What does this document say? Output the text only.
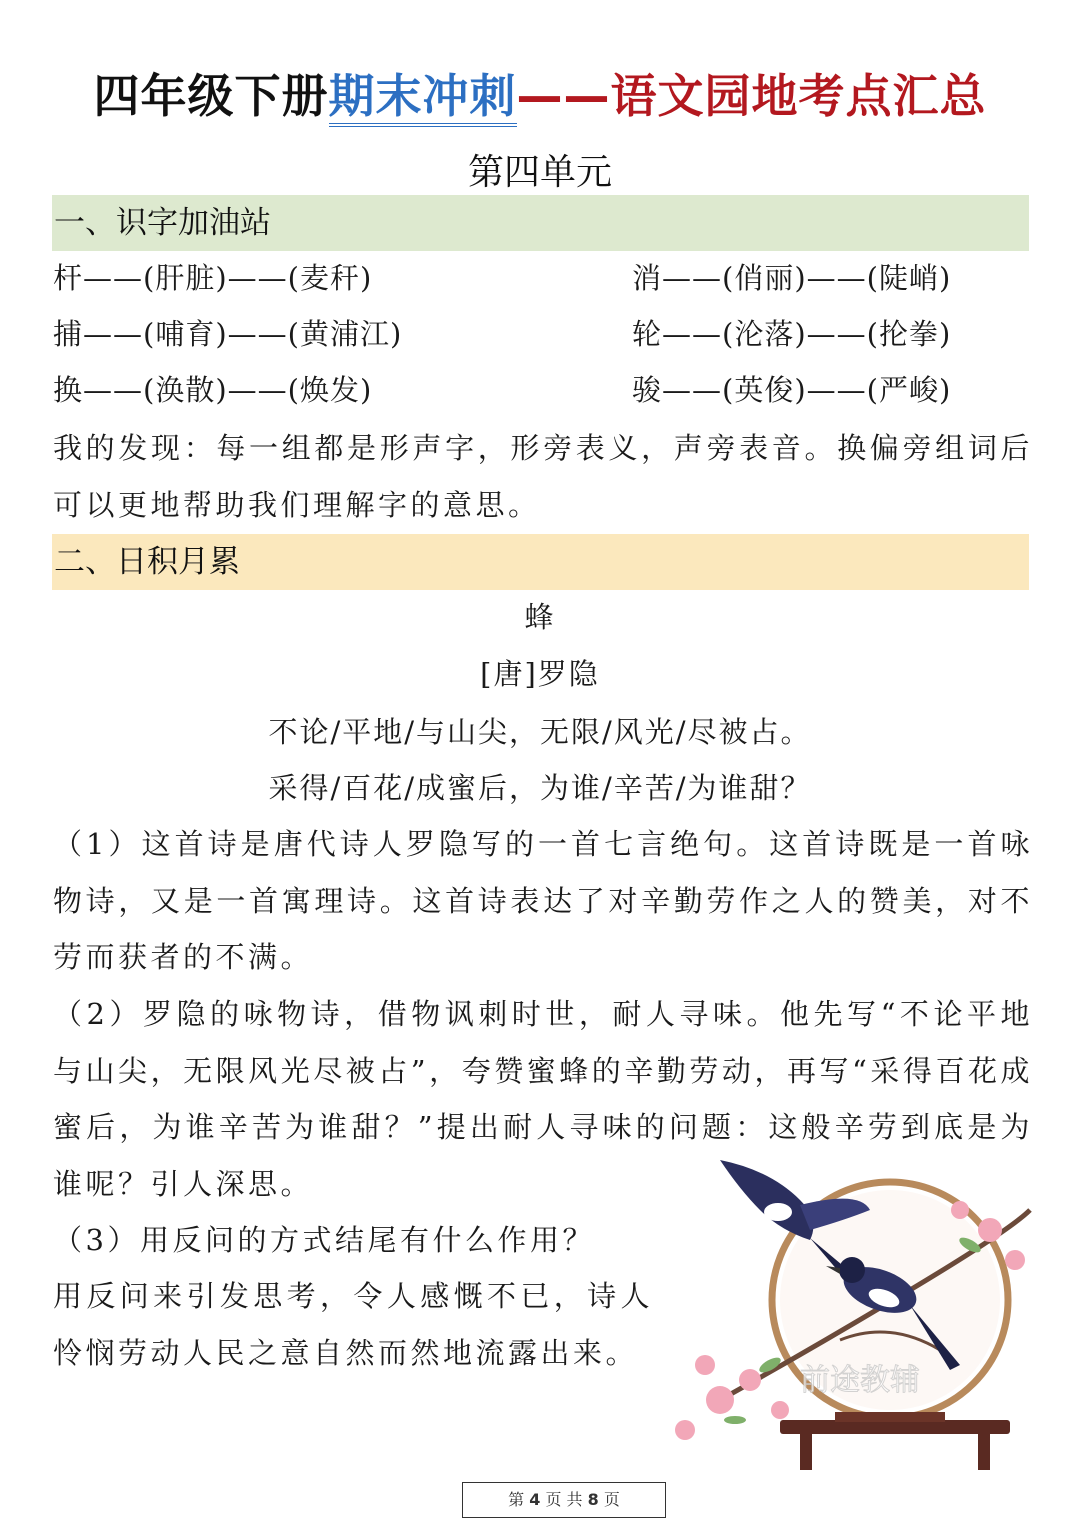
四年级下册期末冲刺——语文园地考点汇总
第四单元
一、识字加油站
杆——(肝脏)——(麦秆)	消——(俏丽)——(陡峭)
捕——(哺育)——(黄浦江)	轮——(沦落)——(抡拳)
换——(涣散)——(焕发)	骏——(英俊)——(严峻)
我的发现：每一组都是形声字，形旁表义，声旁表音。换偏旁组词后可以更地帮助我们理解字的意思。
二、日积月累
蜂
[唐]罗隐
不论/平地/与山尖，无限/风光/尽被占。
采得/百花/成蜜后，为谁/辛苦/为谁甜？
（1）这首诗是唐代诗人罗隐写的一首七言绝句。这首诗既是一首咏物诗，又是一首寓理诗。这首诗表达了对辛勤劳作之人的赞美，对不劳而获者的不满。
（2）罗隐的咏物诗，借物讽刺时世，耐人寻味。他先写“不论平地与山尖，无限风光尽被占”，夸赞蜜蜂的辛勤劳动，再写“采得百花成蜜后，为谁辛苦为谁甜？”提出耐人寻味的问题：这般辛劳到底是为谁呢？引人深思。
（3）用反问的方式结尾有什么作用？
用反问来引发思考，令人感慨不已，诗人怜悯劳动人民之意自然而然地流露出来。
前途教辅
第 4 页 共 8 页
